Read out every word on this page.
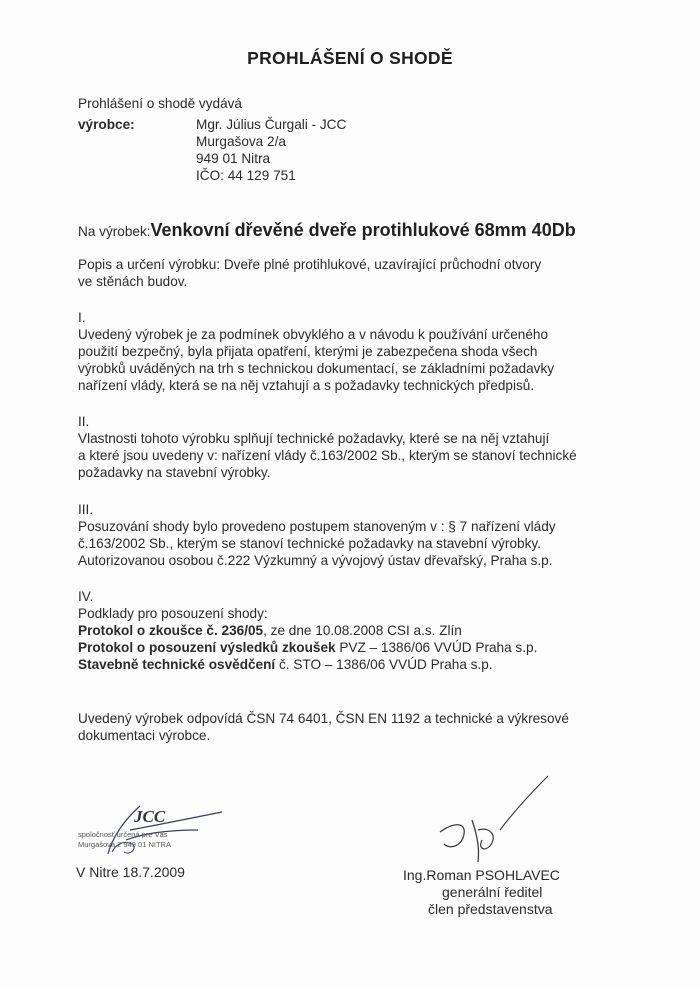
PROHLÁŠENÍ O SHODĚ
Prohlášení o shodě vydává
výrobce:	Mgr. Július Čurgali - JCC
Murgašova 2/a
949 01 Nitra
IČO: 44 129 751
Na výrobek:Venkovní dřevěné dveře protihlukové 68mm 40Db
Popis a určení výrobku: Dveře plné protihlukové, uzavírající průchodní otvory
ve stěnách budov.
I.
Uvedený výrobek je za podmínek obvyklého a v návodu k používání určeného
použití bezpečný, byla přijata opatření, kterými je zabezpečena shoda všech
výrobků uváděných na trh s technickou dokumentací, se základními požadavky
nařízení vlády, která se na něj vztahují a s požadavky technických předpisů.
II.
Vlastnosti tohoto výrobku splňují technické požadavky, které se na něj vztahují
a které jsou uvedeny v: nařízení vlády č.163/2002 Sb., kterým se stanoví technické
požadavky na stavební výrobky.
III.
Posuzování shody bylo provedeno postupem stanoveným v : § 7 nařízení vlády
č.163/2002 Sb., kterým se stanoví technické požadavky na stavební výrobky.
Autorizovanou osobou č.222 Výzkumný a vývojový ústav dřevařský, Praha s.p.
IV.
Podklady pro posouzení shody:
Protokol o zkoušce č. 236/05, ze dne 10.08.2008 CSI a.s. Zlín
Protokol o posouzení výsledků zkoušek PVZ – 1386/06 VVÚD Praha s.p.
Stavebně technické osvědčení č. STO – 1386/06 VVÚD Praha s.p.
Uvedený výrobek odpovídá ČSN 74 6401, ČSN EN 1192 a technické a výkresové
dokumentaci výrobce.
JCC
spoločnosť určená pre Vás
Murgašova 2 949 01 NITRA
V Nitre 18.7.2009	Ing.Roman PSOHLAVEC
generální ředitel
člen představenstva
